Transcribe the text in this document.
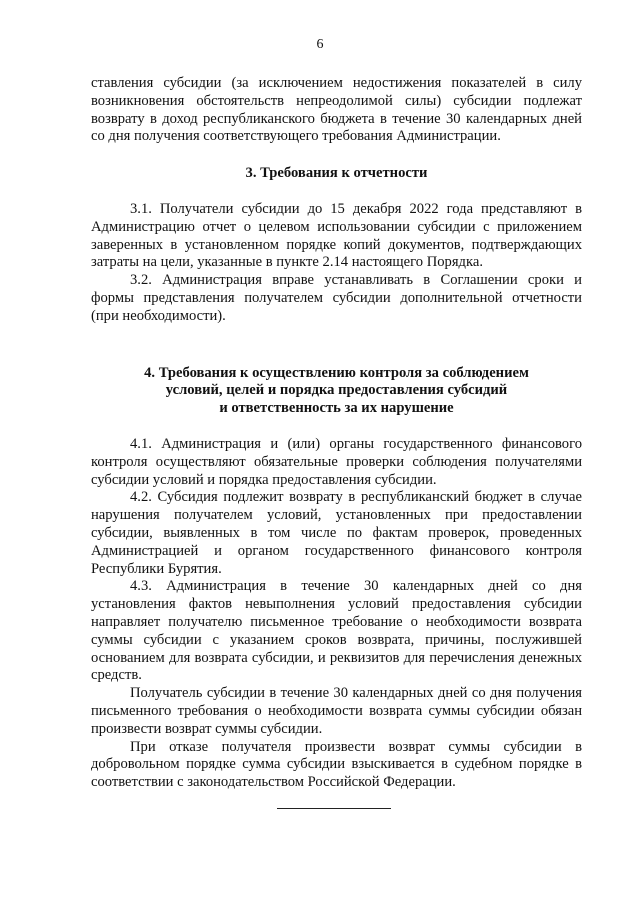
6

ставления субсидии (за исключением недостижения показателей в силу возникновения обстоятельств непреодолимой силы) субсидии подлежат возврату в доход республиканского бюджета в течение 30 календарных дней со дня получения соответствующего требования Администрации.

3. Требования к отчетности

3.1. Получатели субсидии до 15 декабря 2022 года представляют в Администрацию отчет о целевом использовании субсидии с приложением заверенных в установленном порядке копий документов, подтверждающих затраты на цели, указанные в пункте 2.14 настоящего Порядка.

3.2. Администрация вправе устанавливать в Соглашении сроки и формы представления получателем субсидии дополнительной отчетности (при необходимости).

4. Требования к осуществлению контроля за соблюдением
условий, целей и порядка предоставления субсидий
и ответственность за их нарушение

4.1. Администрация и (или) органы государственного финансового контроля осуществляют обязательные проверки соблюдения получателями субсидии условий и порядка предоставления субсидии.

4.2. Субсидия подлежит возврату в республиканский бюджет в случае нарушения получателем условий, установленных при предоставлении субсидии, выявленных в том числе по фактам проверок, проведенных Администрацией и органом государственного финансового контроля Республики Бурятия.

4.3. Администрация в течение 30 календарных дней со дня установления фактов невыполнения условий предоставления субсидии направляет получателю письменное требование о необходимости возврата суммы субсидии с указанием сроков возврата, причины, послужившей основанием для возврата субсидии, и реквизитов для перечисления денежных средств.

Получатель субсидии в течение 30 календарных дней со дня получения письменного требования о необходимости возврата суммы субсидии обязан произвести возврат суммы субсидии.

При отказе получателя произвести возврат суммы субсидии в добровольном порядке сумма субсидии взыскивается в судебном порядке в соответствии с законодательством Российской Федерации.
